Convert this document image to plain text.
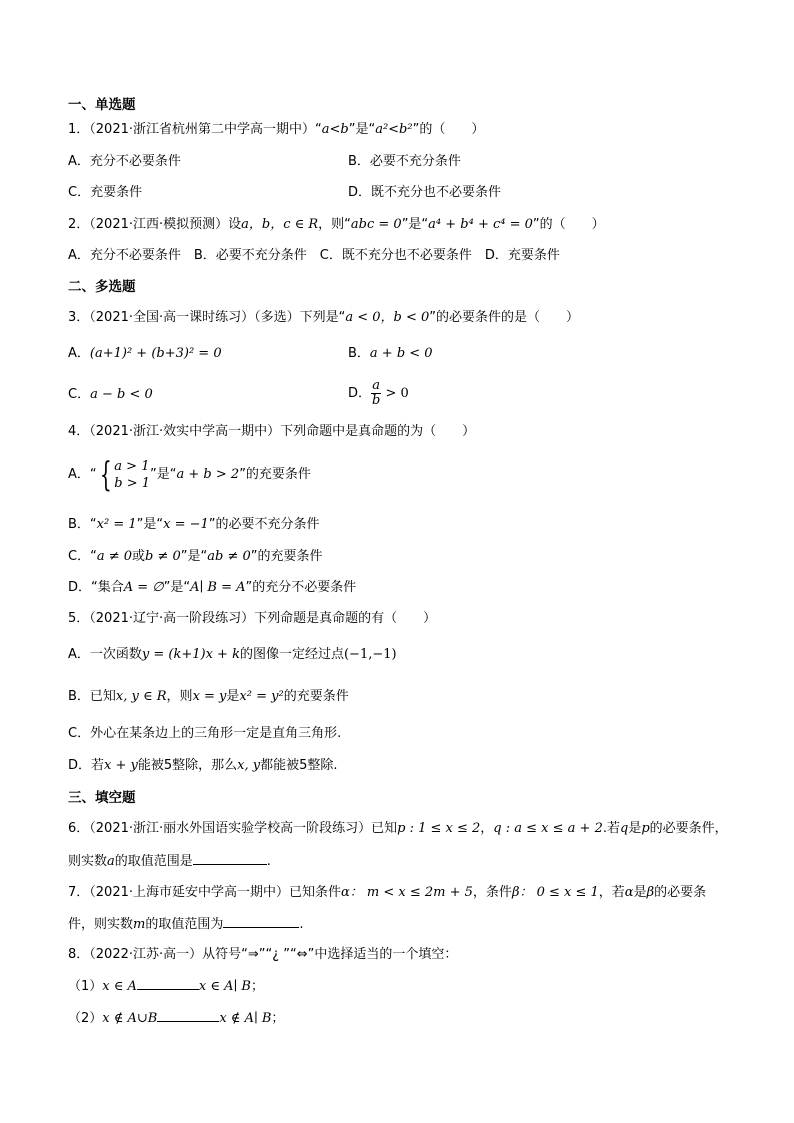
一、单选题
1．（2021·浙江省杭州第二中学高一期中）“a<b”是“a²<b²”的（　　）
A．充分不必要条件	B．必要不充分条件
C．充要条件	D．既不充分也不必要条件
2．（2021·江西·模拟预测）设a，b，c ∈ R，则“abc = 0”是“a⁴ + b⁴ + c⁴ = 0”的（　　）
A．充分不必要条件　B．必要不充分条件　C．既不充分也不必要条件　D．充要条件
二、多选题
3．（2021·全国·高一课时练习）（多选）下列是“a < 0，b < 0”的必要条件的是（　　）
A．(a+1)² + (b+3)² = 0	B．a + b < 0
C．a − b < 0	D． $\frac{a}{b} > 0$
4．（2021·浙江·效实中学高一期中）下列命题中是真命题的为（　　）
A．“{ a > 1
b > 1
”是“a + b > 2”的充要条件
B．“x² = 1”是“x = −1”的必要不充分条件
C．“a ≠ 0或b ≠ 0”是“ab ≠ 0”的充要条件
D．“集合A = ∅”是“A∣ B = A”的充分不必要条件
5．（2021·辽宁·高一阶段练习）下列命题是真命题的有（　　）
A．一次函数y = (k+1)x + k的图像一定经过点(−1,−1)
B．已知x, y ∈ R，则x = y是x² = y²的充要条件
C．外心在某条边上的三角形一定是直角三角形.
D．若x + y能被5整除，那么x, y都能被5整除.
三、填空题
6．（2021·浙江·丽水外国语实验学校高一阶段练习）已知p : 1 ≤ x ≤ 2，q : a ≤ x ≤ a + 2.若q是p的必要条件，
则实数a的取值范围是	.
7．（2021·上海市延安中学高一期中）已知条件α： m < x ≤ 2m + 5，条件β： 0 ≤ x ≤ 1，若α是β的必要条
件，则实数m的取值范围为	.
8．（2022·江苏·高一）从符号“⇒”“¿ ”“⇔”中选择适当的一个填空：
（1）x ∈ A	x ∈ A∣ B；
（2）x ∉ A∪B	x ∉ A∣ B；
